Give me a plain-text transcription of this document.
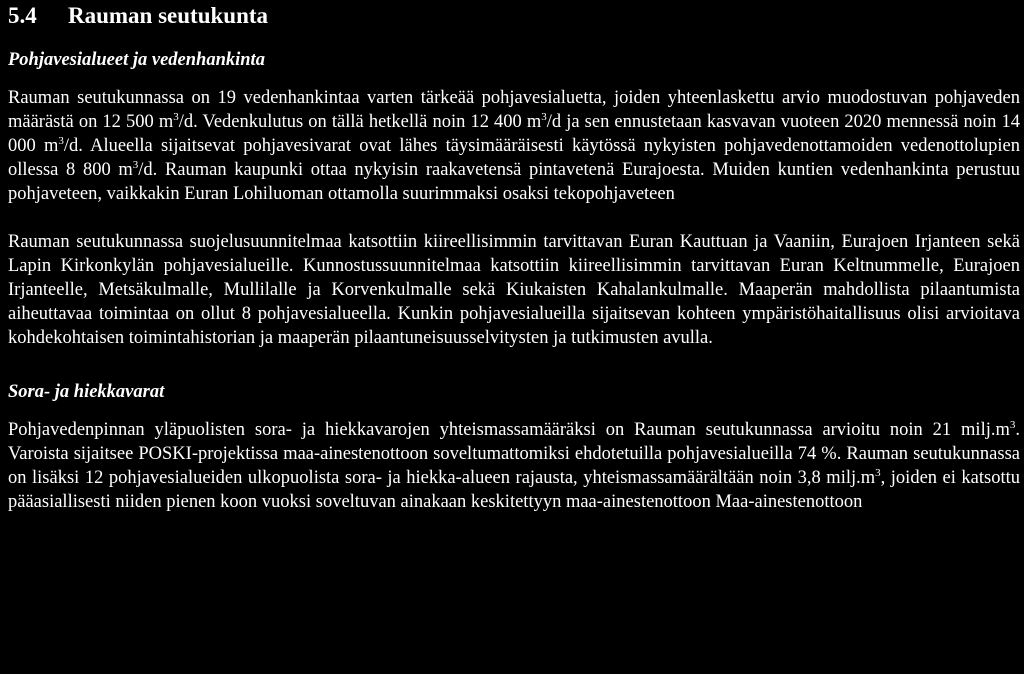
5.4 Rauman seutukunta
Pohjavesialueet ja vedenhankinta

Rauman seutukunnassa on 19 vedenhankintaa varten tärkeää pohjavesialuetta, joiden yhteenlaskettu arvio muodostuvan pohjaveden määrästä on 12 500 $m^3/d$. Vedenkulutus on tällä hetkellä noin 12 400 $m^3/d$ ja sen ennustetaan kasvavan vuoteen 2020 mennessä noin 14 000 $m^3/d$. Alueella sijaitsevat pohjavesivarat ovat lähes täysimääräisesti käytössä nykyisten pohjavedenottamoiden vedenottolupien ollessa 8 800 $m^3/d$. Rauman kaupunki ottaa nykyisin raakavetensä pintavetenä Eurajoesta. Muiden kuntien vedenhankinta perustuu pohjaveteen, vaikkakin Euran Lohiluoman ottamolla suurimmaksi osaksi tekopohjaveteen

Rauman seutukunnassa suojelusuunnitelmaa katsottiin kiireellisimmin tarvittavan Euran Kauttuan ja Vaaniin, Eurajoen Irjanteen sekä Lapin Kirkonkylän pohjavesialueille. Kunnostussuunnitelmaa katsottiin kiireellisimmin tarvittavan Euran Keltnummelle, Eurajoen Irjanteelle, Metsäkulmalle, Mullilalle ja Korvenkulmalle sekä Kiukaisten Kahalankulmalle. Maaperän mahdollista pilaantumista aiheuttavaa toimintaa on ollut 8 pohjavesialueella. Kunkin pohjavesialueilla sijaitsevan kohteen ympäristöhaitallisuus olisi arvioitava kohdekohtaisen toimintahistorian ja maaperän pilaantuneisuusselvitysten ja tutkimusten avulla.

Sora- ja hiekkavarat

Pohjavedenpinnan yläpuolisten sora- ja hiekkavarojen yhteismassamääräksi on Rauman seutukunnassa arvioitu noin 21 $milj.m^3$. Varoista sijaitsee POSKI-projektissa maa-ainestenottoon soveltumattomiksi ehdotetuilla pohjavesialueilla 74 %. Rauman seutukunnassa on lisäksi 12 pohjavesialueiden ulkopuolista sora- ja hiekka-alueen rajausta, yhteismassamäärältään noin 3,8 $milj.m^3$, joiden ei katsottu pääasiallisesti niiden pienen koon vuoksi soveltuvan ainakaan keskitettyyn maa-ainestenottoon Maa-ainestenottoon
